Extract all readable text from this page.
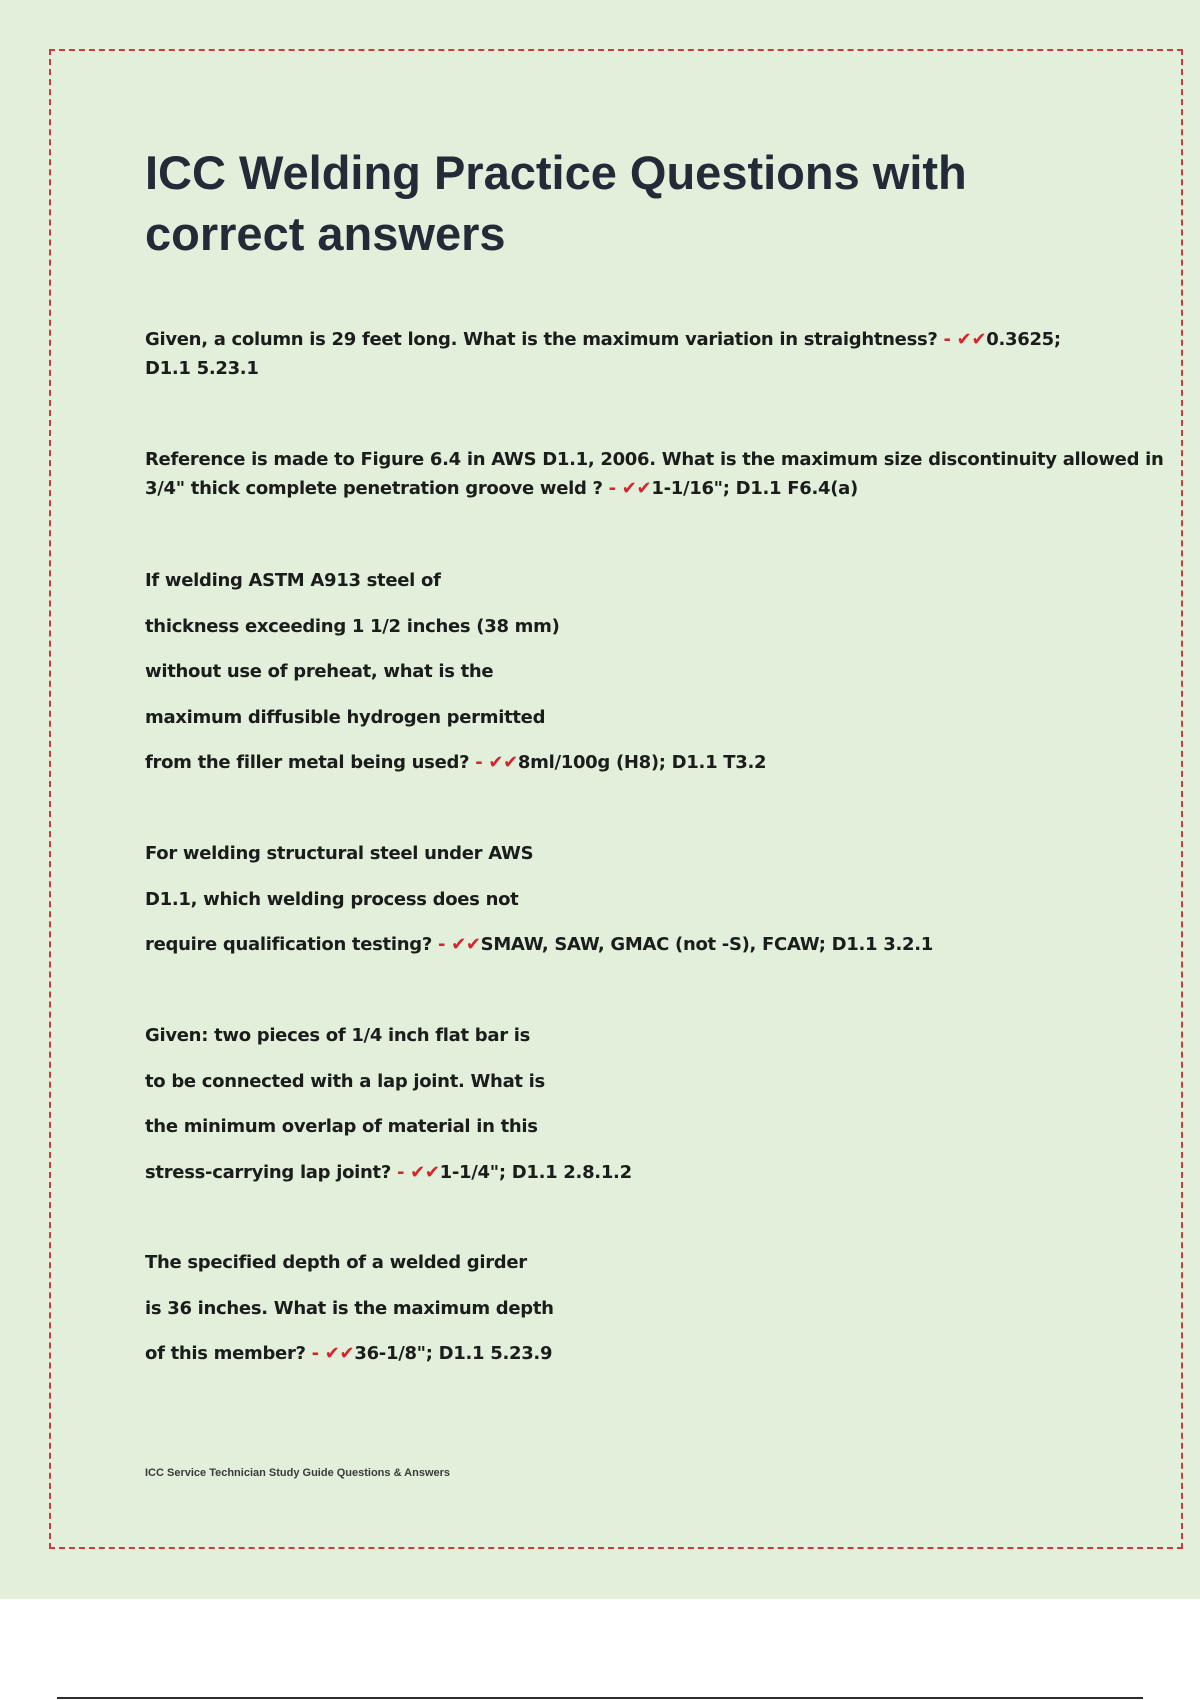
ICC Welding Practice Questions with correct answers

Given, a column is 29 feet long. What is the maximum variation in straightness? - ✔✔0.3625; D1.1 5.23.1

Reference is made to Figure 6.4 in AWS D1.1, 2006. What is the maximum size discontinuity allowed in
3/4" thick complete penetration groove weld ? - ✔✔1-1/16"; D1.1 F6.4(a)

If welding ASTM A913 steel of
thickness exceeding 1 1/2 inches (38 mm)
without use of preheat, what is the
maximum diffusible hydrogen permitted
from the filler metal being used? - ✔✔8ml/100g (H8); D1.1 T3.2

For welding structural steel under AWS
D1.1, which welding process does not
require qualification testing? - ✔✔SMAW, SAW, GMAC (not -S), FCAW; D1.1 3.2.1

Given: two pieces of 1/4 inch flat bar is
to be connected with a lap joint. What is
the minimum overlap of material in this
stress-carrying lap joint? - ✔✔1-1/4"; D1.1 2.8.1.2

The specified depth of a welded girder
is 36 inches. What is the maximum depth
of this member? - ✔✔36-1/8"; D1.1 5.23.9

ICC Service Technician Study Guide Questions & Answers
